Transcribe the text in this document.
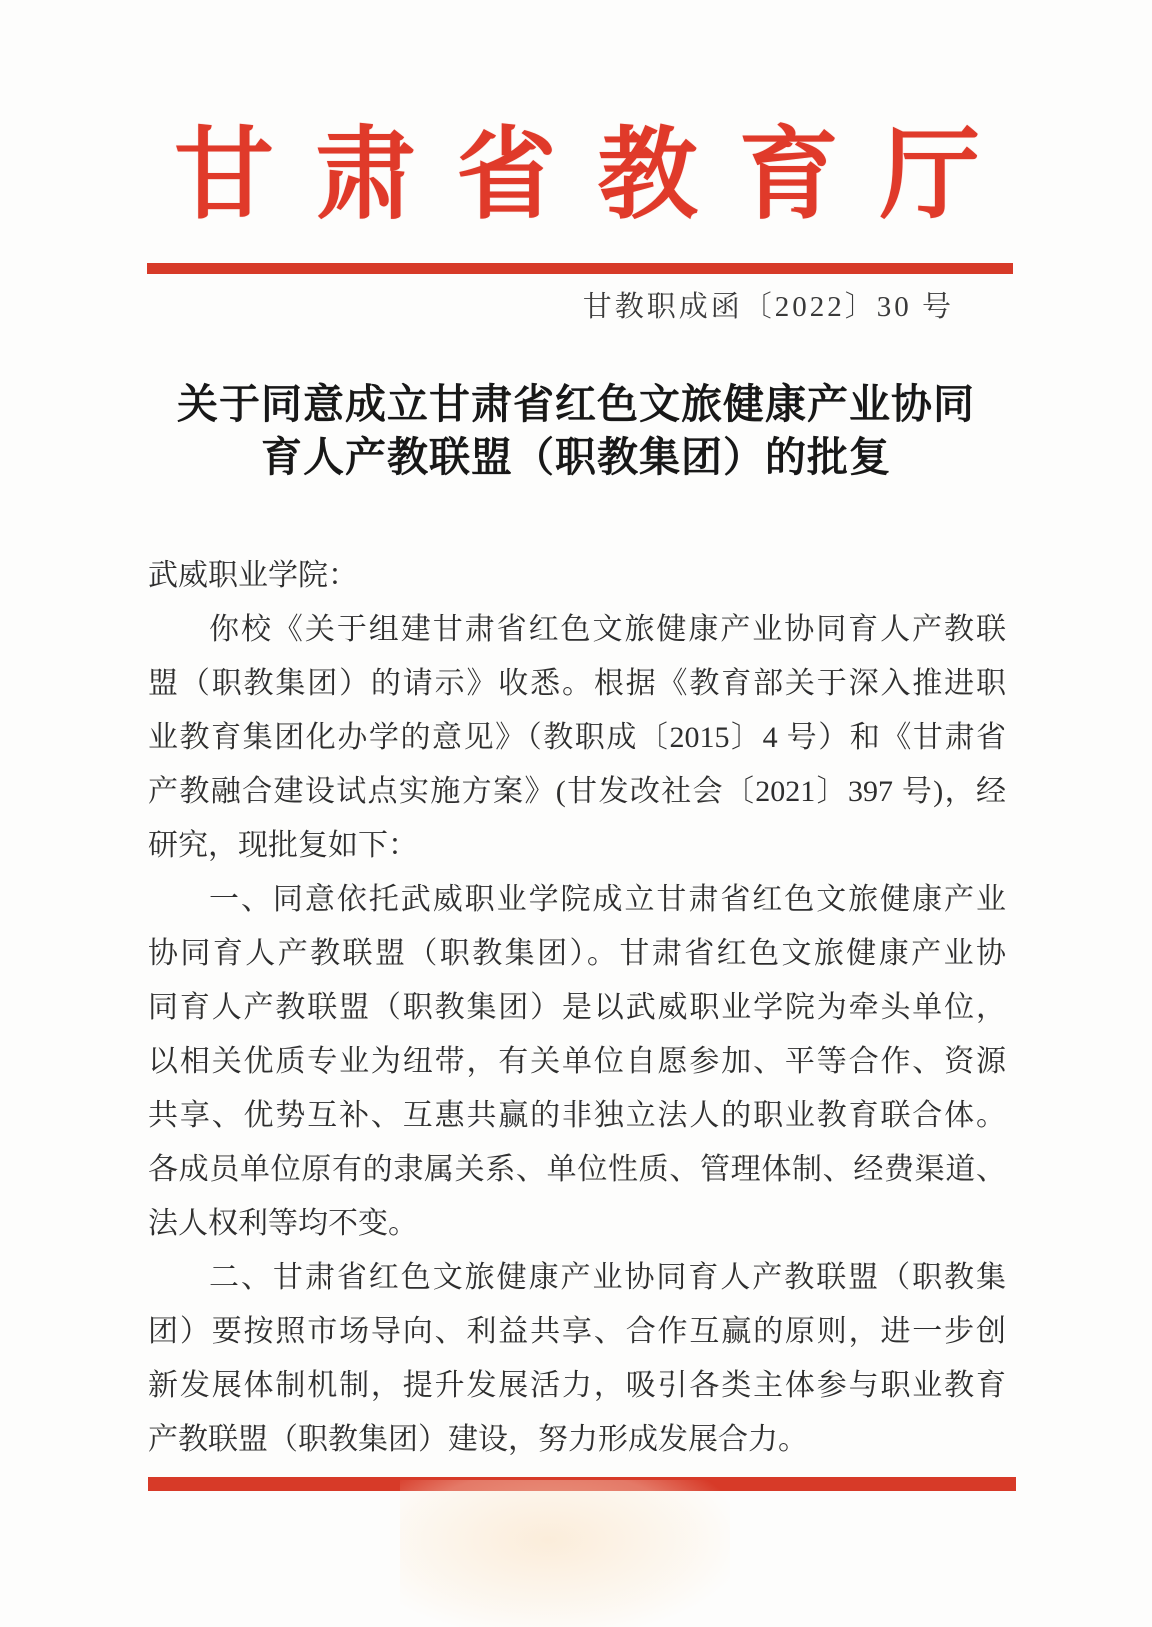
甘肃省教育厅
甘教职成函〔2022〕30 号
关于同意成立甘肃省红色文旅健康产业协同
育人产教联盟（职教集团）的批复
武威职业学院：
你校《关于组建甘肃省红色文旅健康产业协同育人产教联
盟（职教集团）的请示》收悉。根据《教育部关于深入推进职
业教育集团化办学的意见》（教职成〔2015〕4 号）和《甘肃省
产教融合建设试点实施方案》(甘发改社会〔2021〕397 号)，经
研究，现批复如下：
一、同意依托武威职业学院成立甘肃省红色文旅健康产业
协同育人产教联盟（职教集团）。甘肃省红色文旅健康产业协
同育人产教联盟（职教集团）是以武威职业学院为牵头单位，
以相关优质专业为纽带，有关单位自愿参加、平等合作、资源
共享、优势互补、互惠共赢的非独立法人的职业教育联合体。
各成员单位原有的隶属关系、单位性质、管理体制、经费渠道、
法人权利等均不变。
二、甘肃省红色文旅健康产业协同育人产教联盟（职教集
团）要按照市场导向、利益共享、合作互赢的原则，进一步创
新发展体制机制，提升发展活力，吸引各类主体参与职业教育
产教联盟（职教集团）建设，努力形成发展合力。
